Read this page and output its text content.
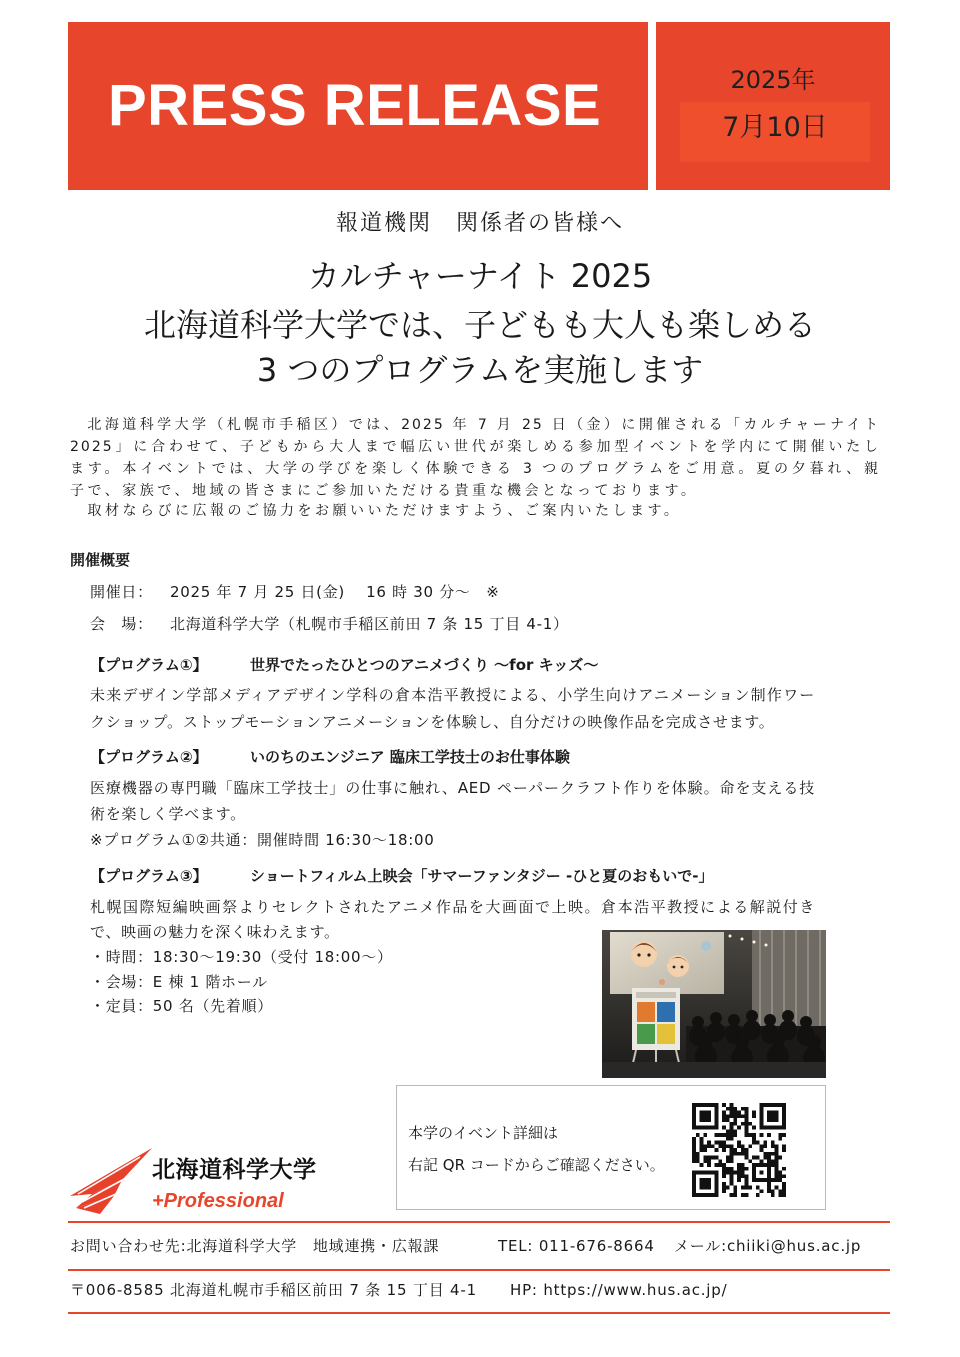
PRESS RELEASE	2025年
7月10日
報道機関　関係者の皆様へ
カルチャーナイト 2025
北海道科学大学では、子どもも大人も楽しめる
3 つのプログラムを実施します
　北海道科学大学（札幌市手稲区）では、2025 年 7 月 25 日（金）に開催される「カルチャーナイト
2025」に合わせて、子どもから大人まで幅広い世代が楽しめる参加型イベントを学内にて開催いたし
ます。本イベントでは、大学の学びを楽しく体験できる 3 つのプログラムをご用意。夏の夕暮れ、親
子で、家族で、地域の皆さまにご参加いただける貴重な機会となっております。
　取材ならびに広報のご協力をお願いいただけますよう、ご案内いたします。
開催概要
開催日： 2025 年 7 月 25 日(金)　 16 時 30 分～　※
会　場： 北海道科学大学（札幌市手稲区前田 7 条 15 丁目 4-1）
【プログラム①】	世界でたったひとつのアニメづくり ～for キッズ～
未来デザイン学部メディアデザイン学科の倉本浩平教授による、小学生向けアニメーション制作ワー
クショップ。ストップモーションアニメーションを体験し、自分だけの映像作品を完成させます。
【プログラム②】	いのちのエンジニア 臨床工学技士のお仕事体験
医療機器の専門職「臨床工学技士」の仕事に触れ、AED ペーパークラフト作りを体験。命を支える技
術を楽しく学べます。
※プログラム①②共通：開催時間 16:30～18:00
【プログラム③】	ショートフィルム上映会「サマーファンタジー -ひと夏のおもいで-」
札幌国際短編映画祭よりセレクトされたアニメ作品を大画面で上映。倉本浩平教授による解説付き
で、映画の魅力を深く味わえます。
・時間：18:30～19:30（受付 18:00～）
・会場：E 棟 1 階ホール
・定員：50 名（先着順）
本学のイベント詳細は
右記 QR コードからご確認ください。
北海道科学大学
+Professional
お問い合わせ先:北海道科学大学　地域連携・広報課	TEL: 011-676-8664 メール:chiiki@hus.ac.jp
〒006-8585 北海道札幌市手稲区前田 7 条 15 丁目 4-1 HP: https://www.hus.ac.jp/
